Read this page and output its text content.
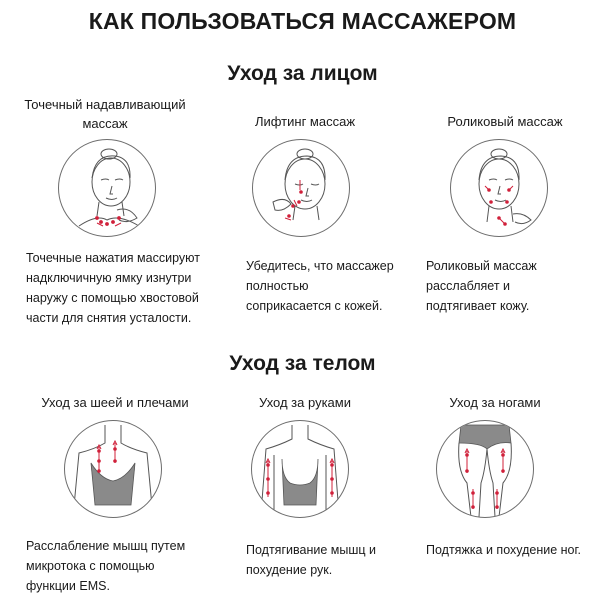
КАК ПОЛЬЗОВАТЬСЯ МАССАЖЕРОМ
Уход за лицом
Точечный надавливающий массаж	Лифтинг массаж	Роликовый массаж
Точечные нажатия массируют надключичную ямку изнутри наружу с помощью хвостовой части для снятия усталости.
Убедитесь, что массажер полностью соприкасается с кожей.
Роликовый массаж расслабляет и подтягивает кожу.
Уход за телом
Уход за шеей и плечами	Уход за руками	Уход за ногами
Расслабление мышц путем микротока с помощью функции EMS.
Подтягивание мышц и похудение рук.
Подтяжка и похудение ног.
